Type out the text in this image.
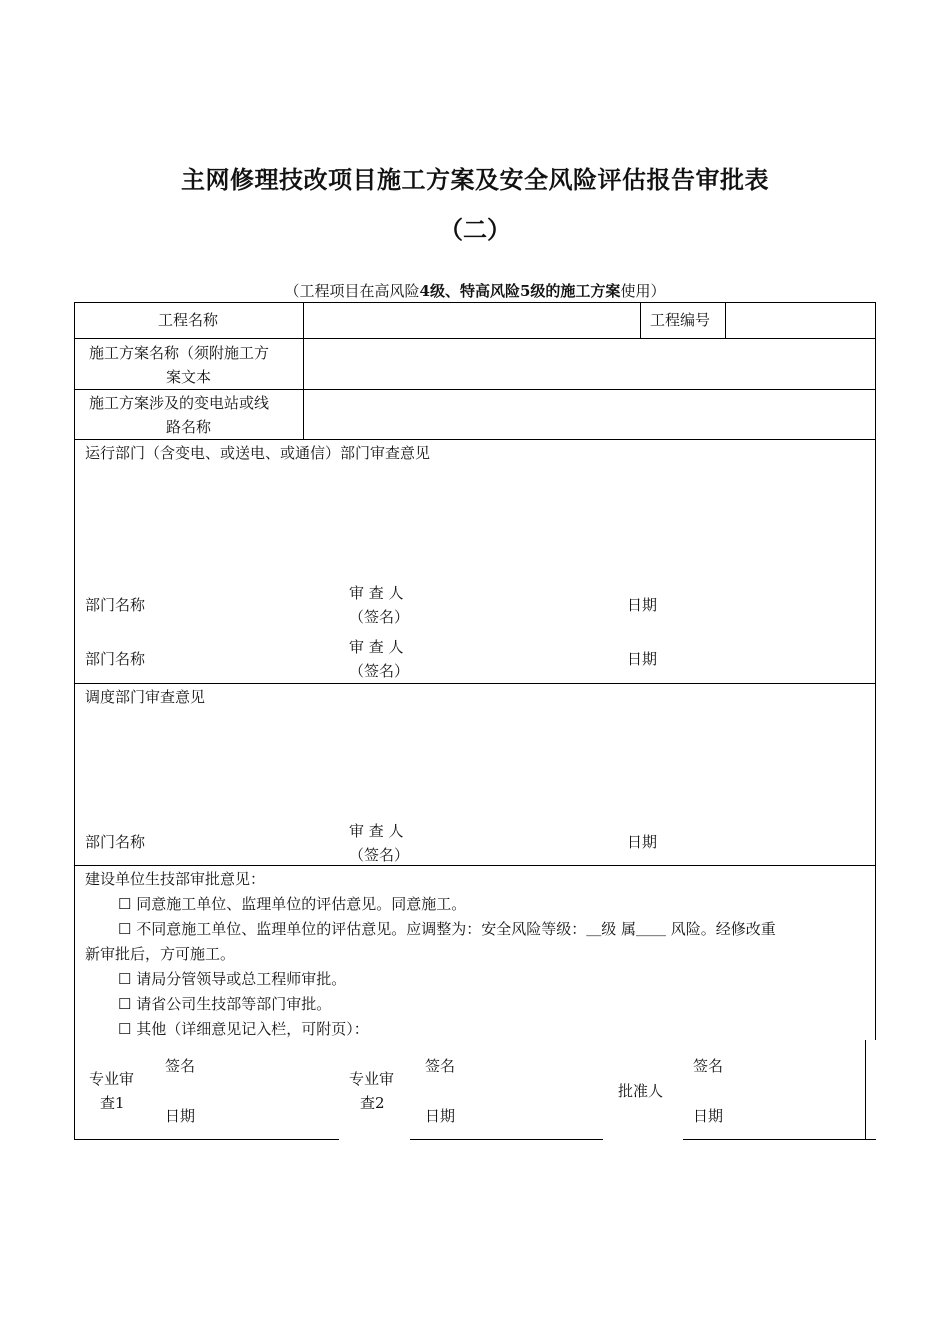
主网修理技改项目施工方案及安全风险评估报告审批表
（二）
（工程项目在高风险4级、特高风险5级的施工方案使用）
工程名称	工程编号
施工方案名称（须附施工方
案文本
施工方案涉及的变电站或线
路名称
运行部门（含变电、或送电、或通信）部门审查意见
部门名称
审 查 人
（签名）
日期
部门名称
审 查 人
（签名）
日期
调度部门审查意见
部门名称
审 查 人
（签名）
日期
建设单位生技部审批意见：
☐ 同意施工单位、监理单位的评估意见。同意施工。
☐ 不同意施工单位、监理单位的评估意见。应调整为：安全风险等级：＿级 属＿＿ 风险。经修改重
新审批后，方可施工。
☐ 请局分管领导或总工程师审批。
☐ 请省公司生技部等部门审批。
☐ 其他（详细意见记入栏，可附页）：
专业审
查1
签名
日期
专业审
查2
签名
日期
批准人
签名
日期
